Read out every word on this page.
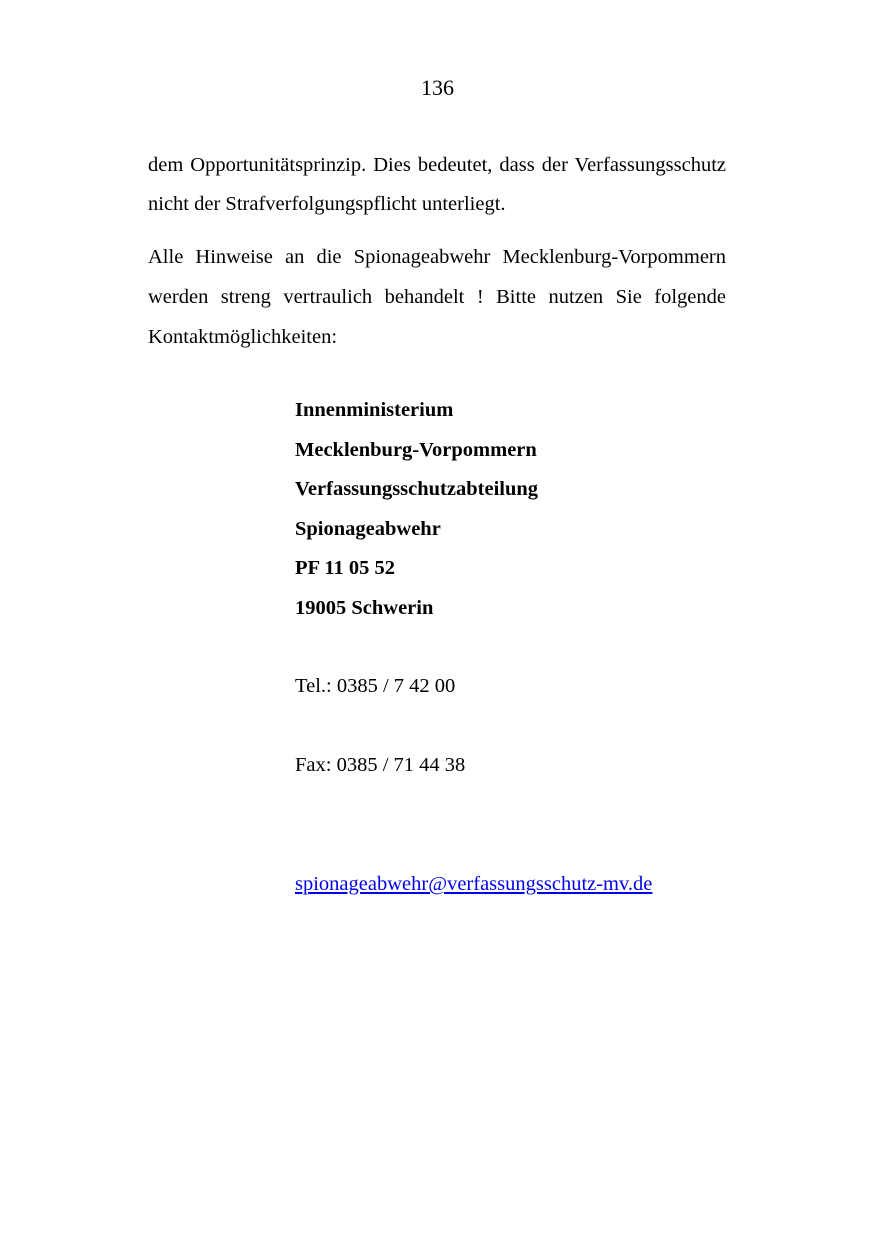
136

dem Opportunitätsprinzip. Dies bedeutet, dass der Verfassungsschutz nicht der Strafverfolgungspflicht unterliegt.

Alle Hinweise an die Spionageabwehr Mecklenburg-Vorpommern werden streng vertraulich behandelt ! Bitte nutzen Sie folgende Kontaktmöglichkeiten:

Innenministerium
Mecklenburg-Vorpommern
Verfassungsschutzabteilung
Spionageabwehr
PF 11 05 52
19005 Schwerin
Tel.: 0385 / 7 42 00
Fax: 0385 / 71 44 38
spionageabwehr@verfassungsschutz-mv.de
